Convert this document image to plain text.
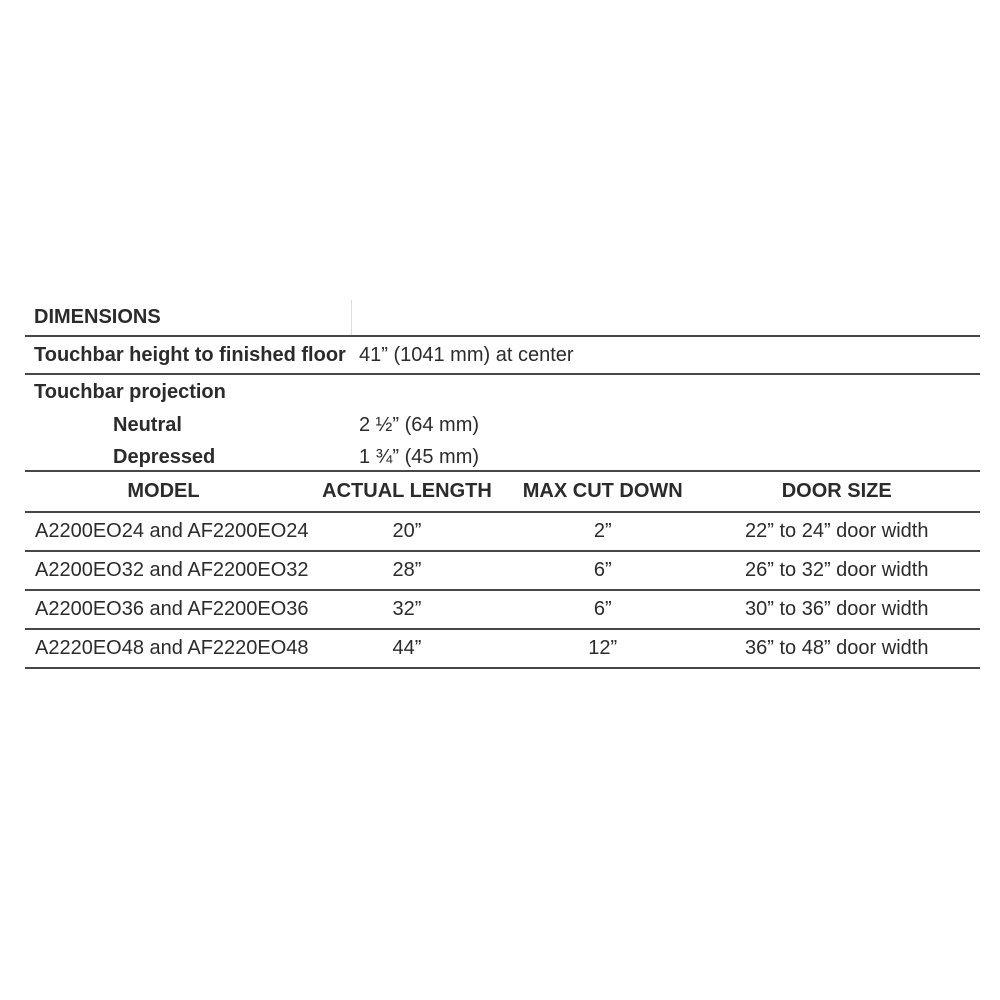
DIMENSIONS
Touchbar height to finished floor 41” (1041 mm) at center
Touchbar projection
Neutral	2 ½” (64 mm)
Depressed	1 ¾” (45 mm)
MODEL	ACTUAL LENGTH	MAX CUT DOWN	DOOR SIZE
A2200EO24 and AF2200EO24	20”	2”	22” to 24” door width
A2200EO32 and AF2200EO32	28”	6”	26” to 32” door width
A2200EO36 and AF2200EO36	32”	6”	30” to 36” door width
A2220EO48 and AF2220EO48	44”	12”	36” to 48” door width
